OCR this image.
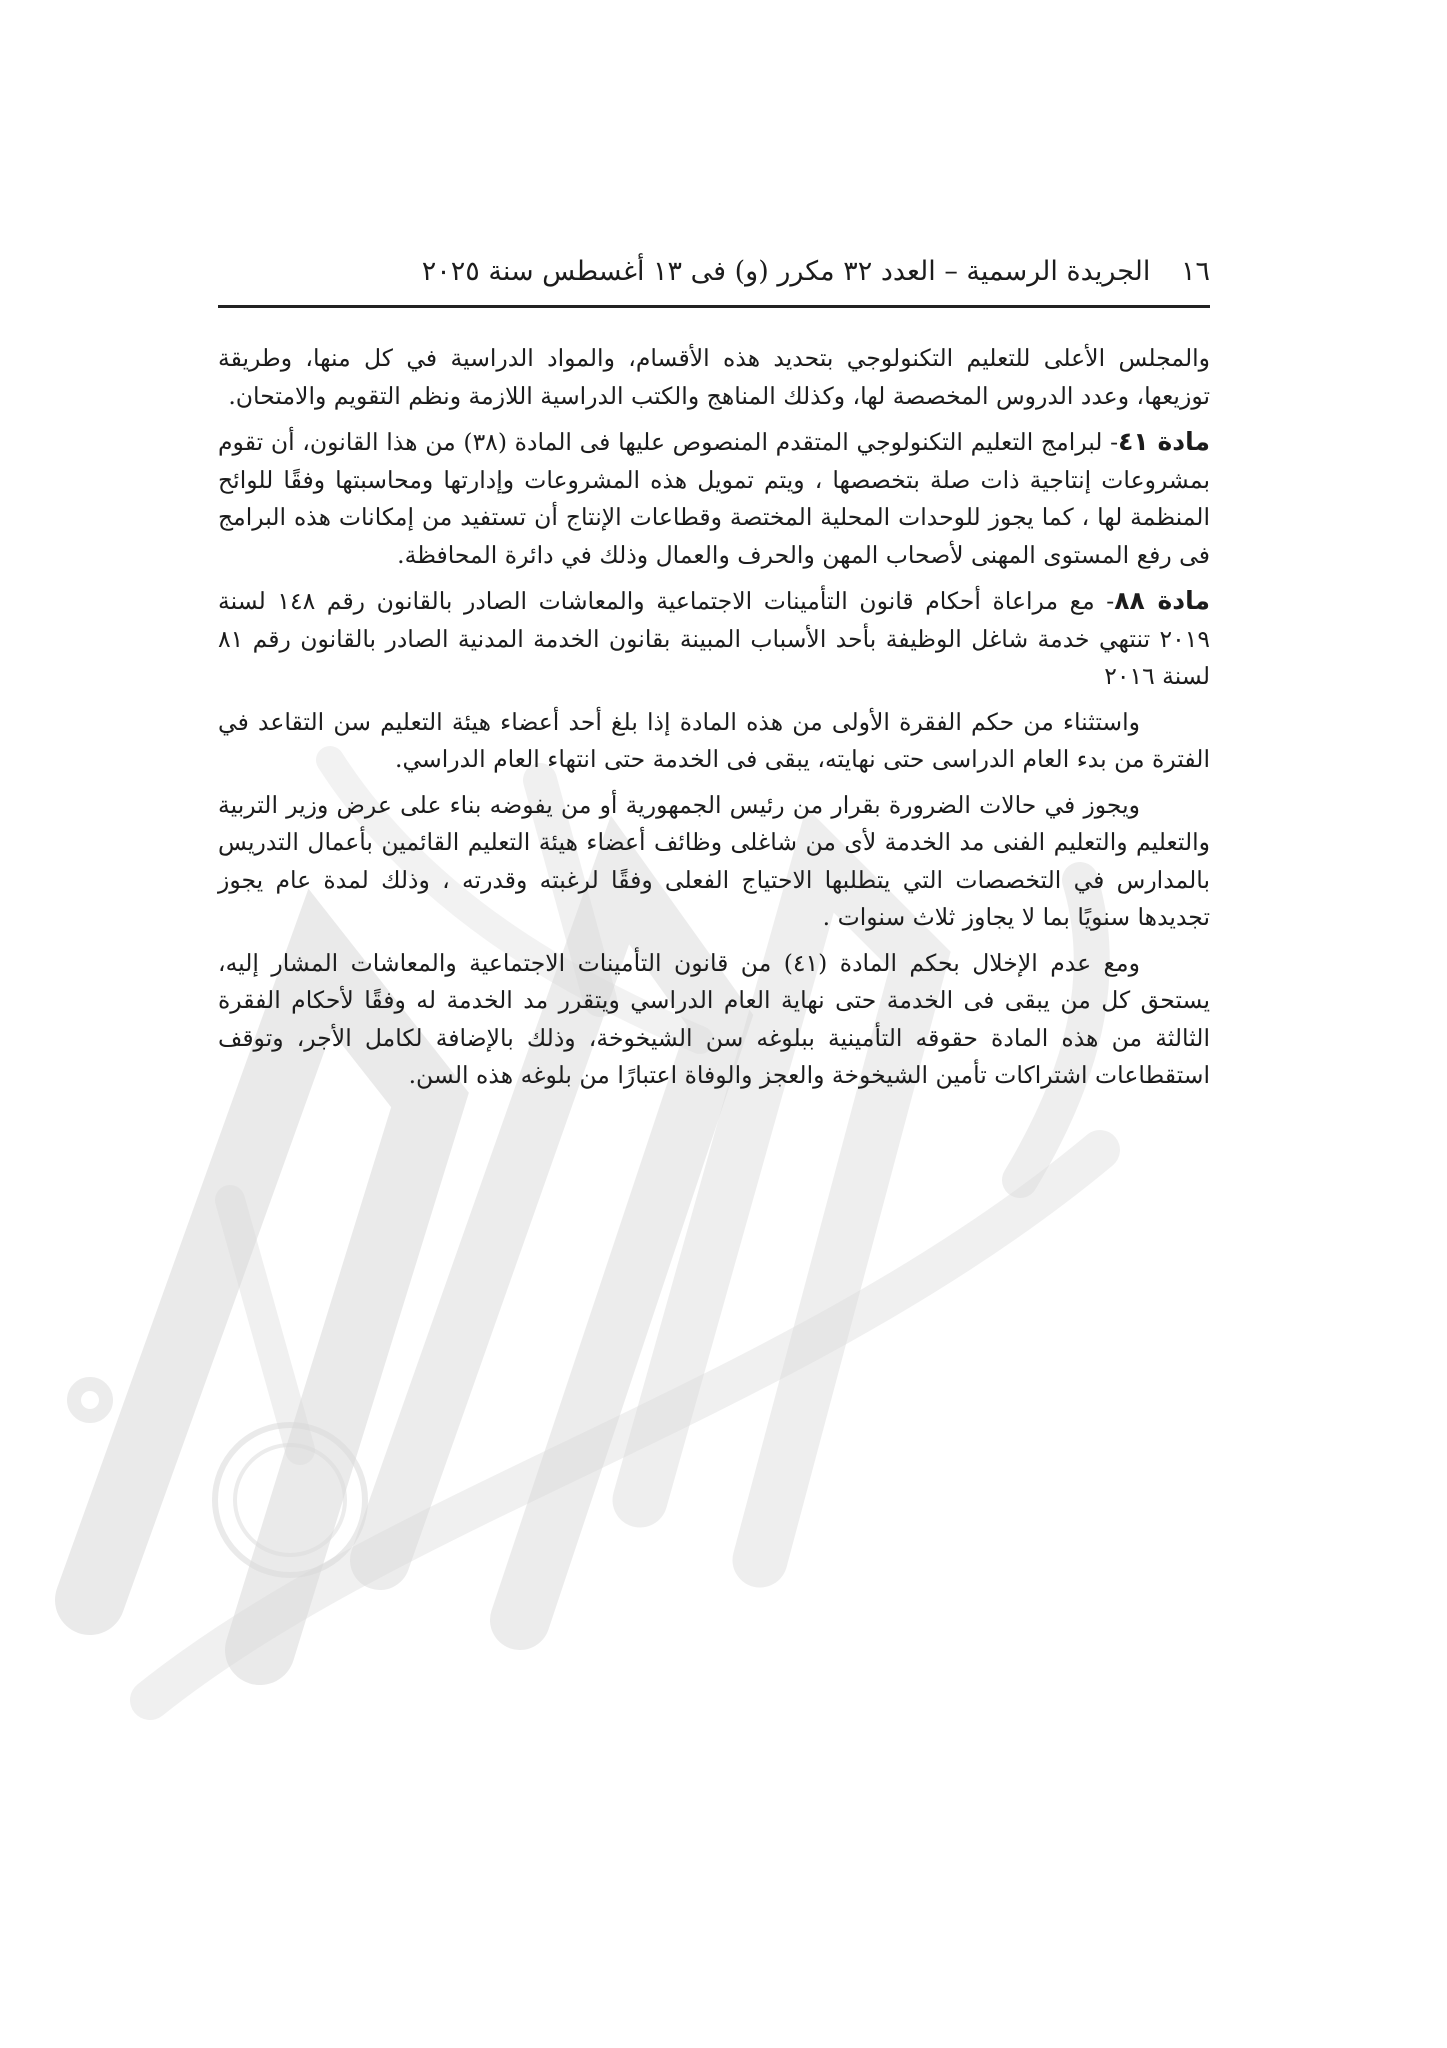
١٦ الجريدة الرسمية – العدد ٣٢ مكرر (و) فى ١٣ أغسطس سنة ٢٠٢٥

والمجلس الأعلى للتعليم التكنولوجي بتحديد هذه الأقسام، والمواد الدراسية في كل منها، وطريقة توزيعها، وعدد الدروس المخصصة لها، وكذلك المناهج والكتب الدراسية اللازمة ونظم التقويم والامتحان.

مادة ٤١- لبرامج التعليم التكنولوجي المتقدم المنصوص عليها فى المادة (٣٨) من هذا القانون، أن تقوم بمشروعات إنتاجية ذات صلة بتخصصها ، ويتم تمويل هذه المشروعات وإدارتها ومحاسبتها وفقًا للوائح المنظمة لها ، كما يجوز للوحدات المحلية المختصة وقطاعات الإنتاج أن تستفيد من إمكانات هذه البرامج فى رفع المستوى المهنى لأصحاب المهن والحرف والعمال وذلك في دائرة المحافظة.

مادة ٨٨- مع مراعاة أحكام قانون التأمينات الاجتماعية والمعاشات الصادر بالقانون رقم ١٤٨ لسنة ٢٠١٩ تنتهي خدمة شاغل الوظيفة بأحد الأسباب المبينة بقانون الخدمة المدنية الصادر بالقانون رقم ٨١ لسنة ٢٠١٦

واستثناء من حكم الفقرة الأولى من هذه المادة إذا بلغ أحد أعضاء هيئة التعليم سن التقاعد في الفترة من بدء العام الدراسى حتى نهايته، يبقى فى الخدمة حتى انتهاء العام الدراسي.

ويجوز في حالات الضرورة بقرار من رئيس الجمهورية أو من يفوضه بناء على عرض وزير التربية والتعليم والتعليم الفنى مد الخدمة لأى من شاغلى وظائف أعضاء هيئة التعليم القائمين بأعمال التدريس بالمدارس في التخصصات التي يتطلبها الاحتياج الفعلى وفقًا لرغبته وقدرته ، وذلك لمدة عام يجوز تجديدها سنويًا بما لا يجاوز ثلاث سنوات .

ومع عدم الإخلال بحكم المادة (٤١) من قانون التأمينات الاجتماعية والمعاشات المشار إليه، يستحق كل من يبقى فى الخدمة حتى نهاية العام الدراسي ويتقرر مد الخدمة له وفقًا لأحكام الفقرة الثالثة من هذه المادة حقوقه التأمينية ببلوغه سن الشيخوخة، وذلك بالإضافة لكامل الأجر، وتوقف استقطاعات اشتراكات تأمين الشيخوخة والعجز والوفاة اعتبارًا من بلوغه هذه السن.
